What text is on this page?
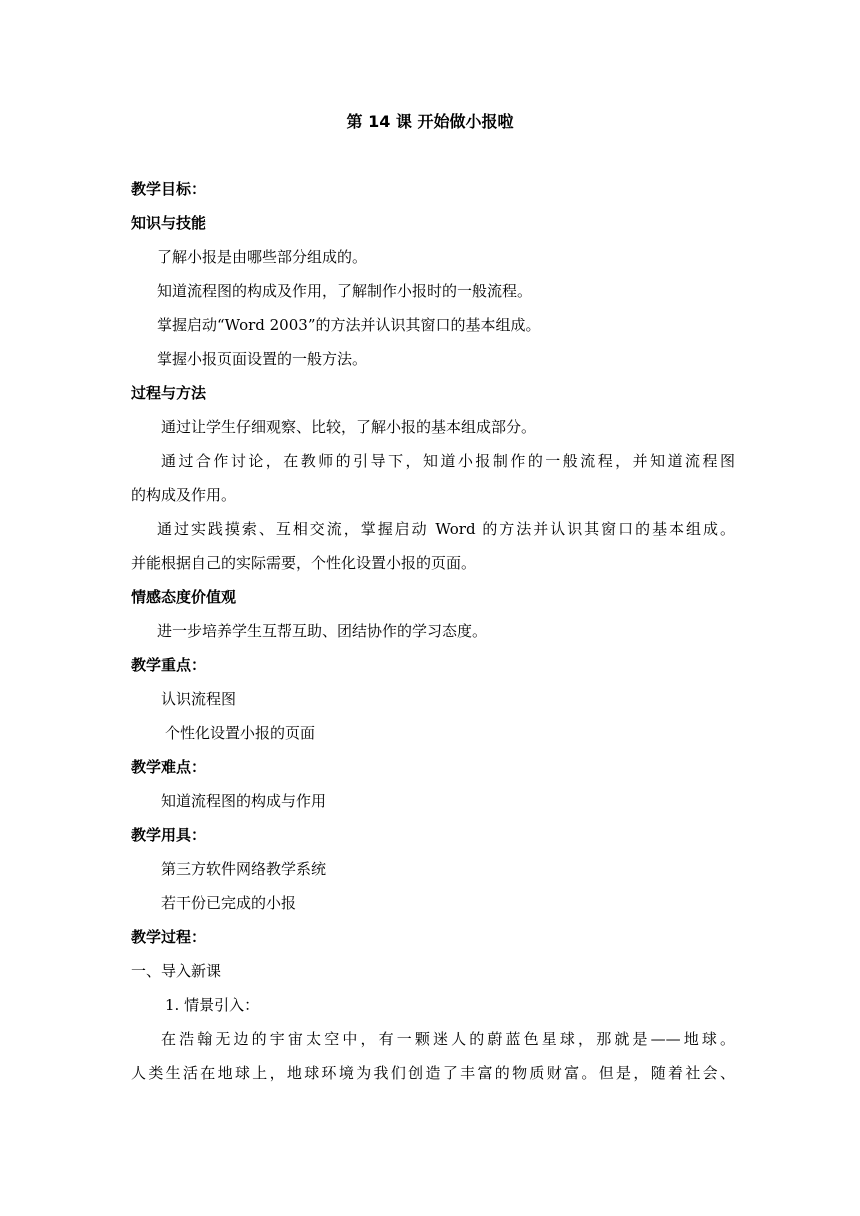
第 14 课 开始做小报啦
教学目标：
知识与技能
了解小报是由哪些部分组成的。
知道流程图的构成及作用，了解制作小报时的一般流程。
掌握启动“Word 2003”的方法并认识其窗口的基本组成。
掌握小报页面设置的一般方法。
过程与方法
通过让学生仔细观察、比较，了解小报的基本组成部分。
通过合作讨论，在教师的引导下，知道小报制作的一般流程，并知道流程图
的构成及作用。
通过实践摸索、互相交流，掌握启动 Word 的方法并认识其窗口的基本组成。
并能根据自己的实际需要，个性化设置小报的页面。
情感态度价值观
进一步培养学生互帮互助、团结协作的学习态度。
教学重点：
认识流程图
个性化设置小报的页面
教学难点：
知道流程图的构成与作用
教学用具：
第三方软件网络教学系统
若干份已完成的小报
教学过程：
一、导入新课
1. 情景引入：
在浩翰无边的宇宙太空中，有一颗迷人的蔚蓝色星球，那就是——地球。
人类生活在地球上，地球环境为我们创造了丰富的物质财富。但是，随着社会、
